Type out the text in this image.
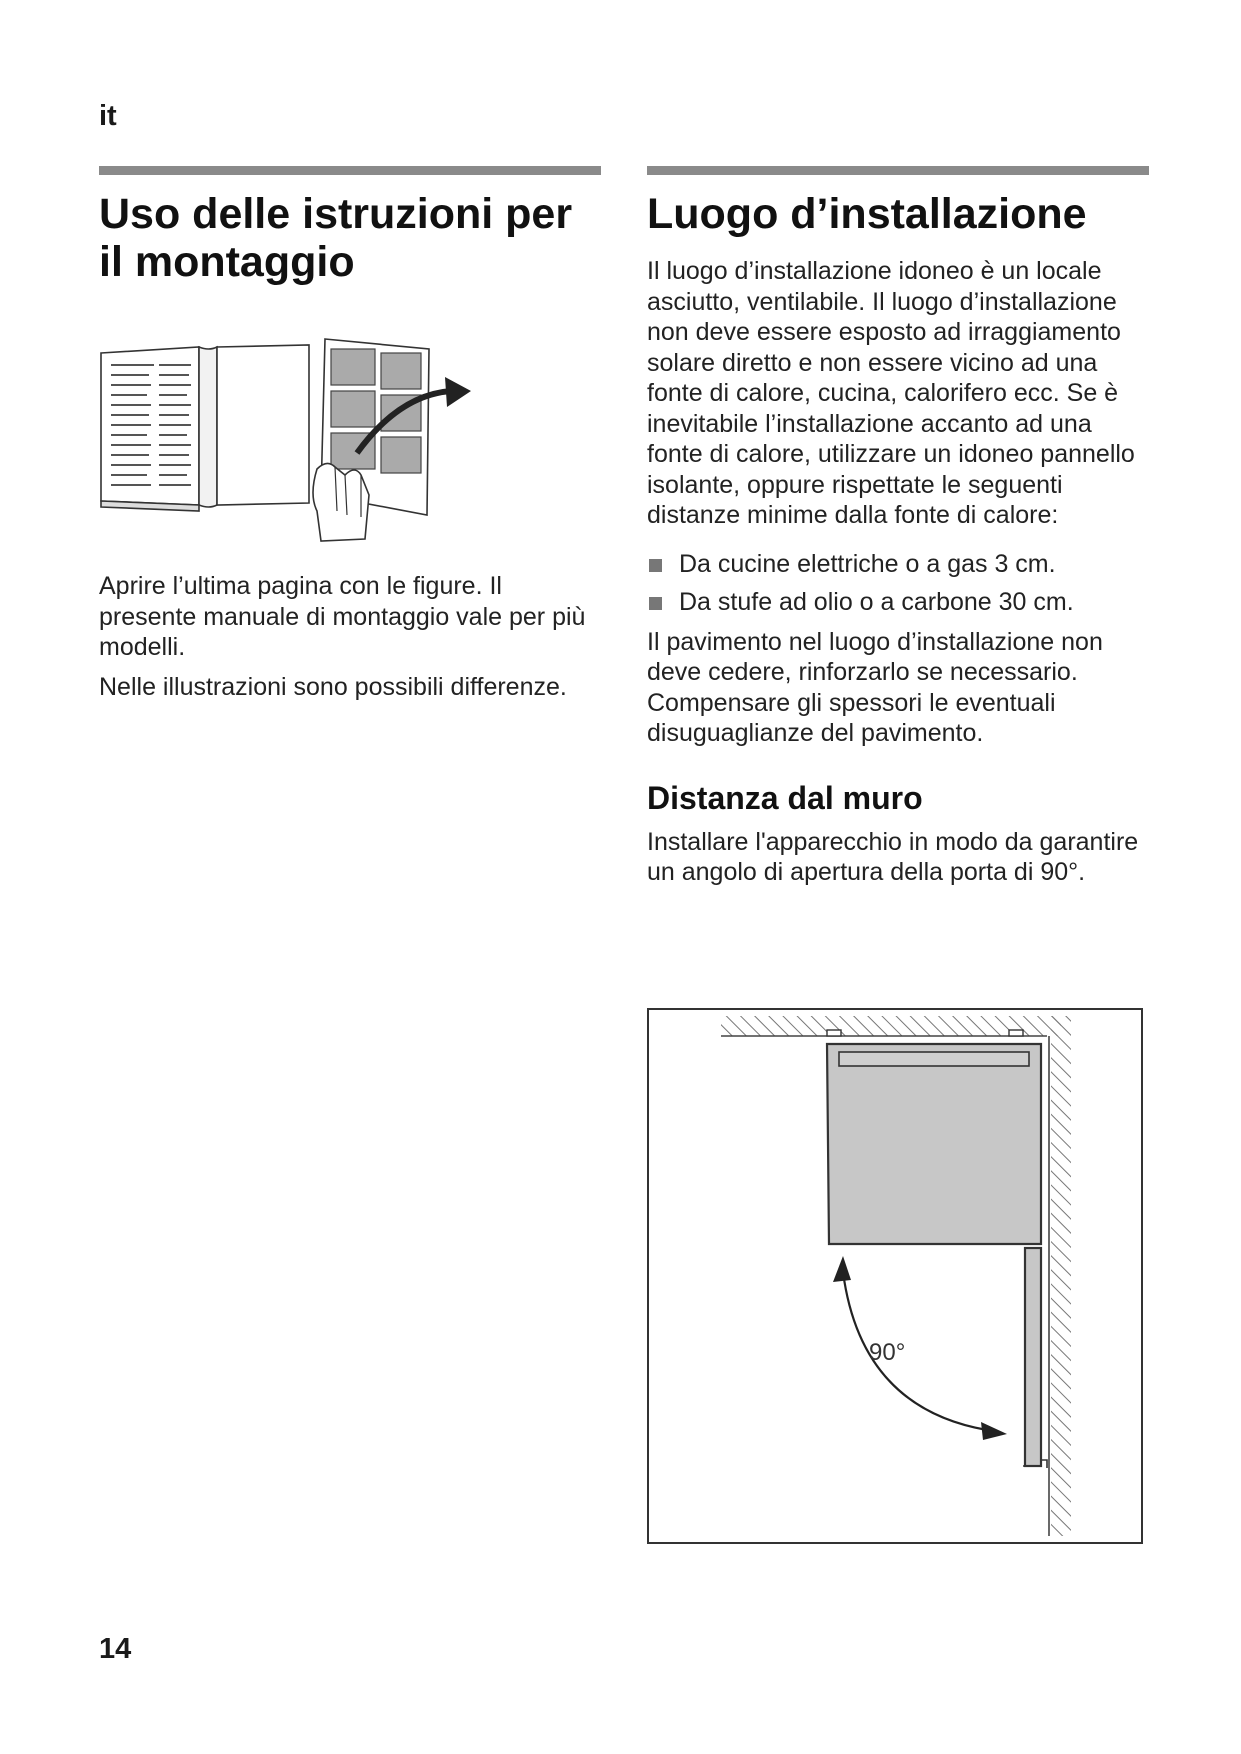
it
Uso delle istruzioni per il montaggio

Aprire l’ultima pagina con le figure. Il presente manuale di montaggio vale per più modelli.

Nelle illustrazioni sono possibili differenze.

Luogo d’installazione

Il luogo d’installazione idoneo è un locale asciutto, ventilabile. Il luogo d’installazione non deve essere esposto ad irraggiamento solare diretto e non essere vicino ad una fonte di calore, cucina, calorifero ecc. Se è inevitabile l’installazione accanto ad una fonte di calore, utilizzare un idoneo pannello isolante, oppure rispettate le seguenti distanze minime dalla fonte di calore:

Da cucine elettriche o a gas 3 cm.
Da stufe ad olio o a carbone 30 cm.

Il pavimento nel luogo d’installazione non deve cedere, rinforzarlo se necessario. Compensare gli spessori le eventuali disuguaglianze del pavimento.

Distanza dal muro

Installare l'apparecchio in modo da garantire un angolo di apertura della porta di 90°.

90°
14
